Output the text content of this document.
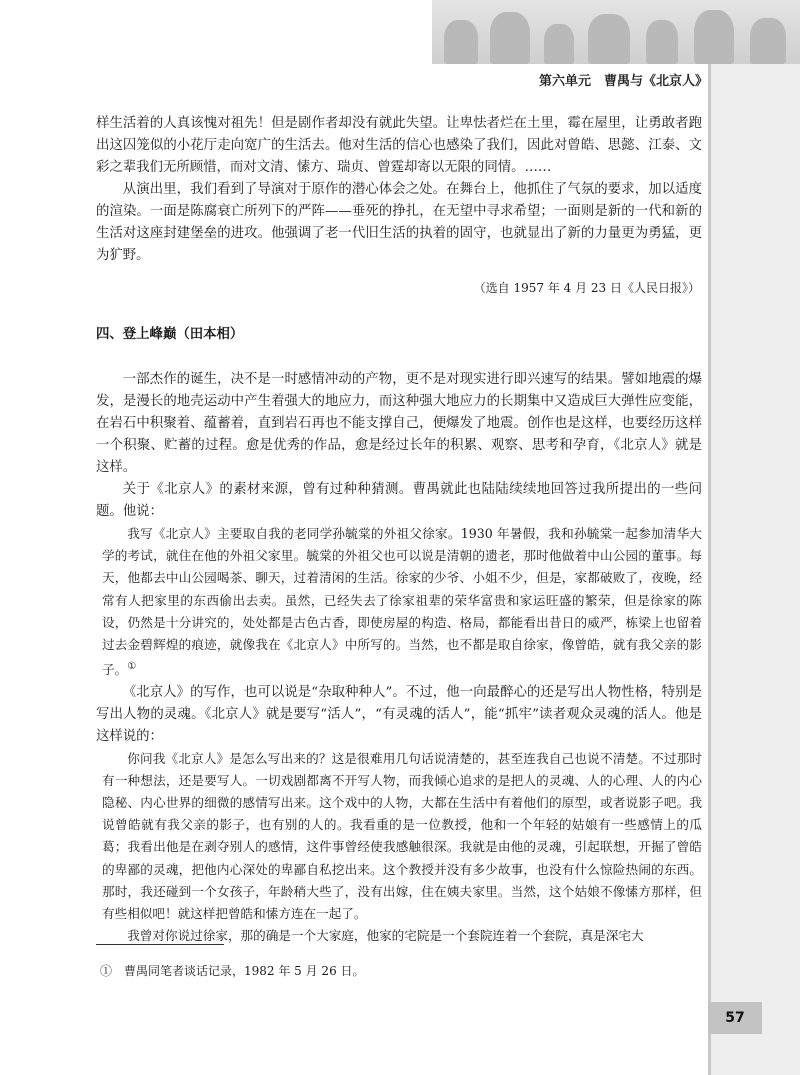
第六单元　曹禺与《北京人》

样生活着的人真该愧对祖先！但是剧作者却没有就此失望。让卑怯者烂在土里，霉在屋里，让勇敢者跑出这囚笼似的小花厅走向宽广的生活去。他对生活的信心也感染了我们，因此对曾皓、思懿、江泰、文彩之辈我们无所顾惜，而对文清、愫方、瑞贞、曾霆却寄以无限的同情。……

从演出里，我们看到了导演对于原作的潜心体会之处。在舞台上，他抓住了气氛的要求，加以适度的渲染。一面是陈腐衰亡所列下的严阵——垂死的挣扎，在无望中寻求希望；一面则是新的一代和新的生活对这座封建堡垒的进攻。他强调了老一代旧生活的执着的固守，也就显出了新的力量更为勇猛，更为犷野。

（选自 1957 年 4 月 23 日《人民日报》）

四、登上峰巅（田本相）

一部杰作的诞生，决不是一时感情冲动的产物，更不是对现实进行即兴速写的结果。譬如地震的爆发，是漫长的地壳运动中产生着强大的地应力，而这种强大地应力的长期集中又造成巨大弹性应变能，在岩石中积聚着、蕴蓄着，直到岩石再也不能支撑自己，便爆发了地震。创作也是这样，也要经历这样一个积聚、贮蓄的过程。愈是优秀的作品，愈是经过长年的积累、观察、思考和孕育，《北京人》就是这样。

关于《北京人》的素材来源，曾有过种种猜测。曹禺就此也陆陆续续地回答过我所提出的一些问题。他说：

我写《北京人》主要取自我的老同学孙毓棠的外祖父徐家。1930 年暑假，我和孙毓棠一起参加清华大学的考试，就住在他的外祖父家里。毓棠的外祖父也可以说是清朝的遗老，那时他做着中山公园的董事。每天，他都去中山公园喝茶、聊天，过着清闲的生活。徐家的少爷、小姐不少，但是，家都破败了，夜晚，经常有人把家里的东西偷出去卖。虽然，已经失去了徐家祖辈的荣华富贵和家运旺盛的繁荣，但是徐家的陈设，仍然是十分讲究的，处处都是古色古香，即使房屋的构造、格局，都能看出昔日的威严，栋梁上也留着过去金碧辉煌的痕迹，就像我在《北京人》中所写的。当然，也不都是取自徐家，像曾皓，就有我父亲的影子。①

《北京人》的写作，也可以说是“杂取种种人”。不过，他一向最醉心的还是写出人物性格，特别是写出人物的灵魂。《北京人》就是要写“活人”，“有灵魂的活人”，能“抓牢”读者观众灵魂的活人。他是这样说的：

你问我《北京人》是怎么写出来的？这是很难用几句话说清楚的，甚至连我自己也说不清楚。不过那时有一种想法，还是要写人。一切戏剧都离不开写人物，而我倾心追求的是把人的灵魂、人的心理、人的内心隐秘、内心世界的细微的感情写出来。这个戏中的人物，大都在生活中有着他们的原型，或者说影子吧。我说曾皓就有我父亲的影子，也有别的人的。我看重的是一位教授，他和一个年轻的姑娘有一些感情上的瓜葛；我看出他是在剥夺别人的感情，这件事曾经使我感触很深。我就是由他的灵魂，引起联想，开掘了曾皓的卑鄙的灵魂，把他内心深处的卑鄙自私挖出来。这个教授并没有多少故事，也没有什么惊险热闹的东西。那时，我还碰到一个女孩子，年龄稍大些了，没有出嫁，住在姨夫家里。当然，这个姑娘不像愫方那样，但有些相似吧！就这样把曾皓和愫方连在一起了。

我曾对你说过徐家，那的确是一个大家庭，他家的宅院是一个套院连着一个套院，真是深宅大

①　曹禺同笔者谈话记录，1982 年 5 月 26 日。
57
